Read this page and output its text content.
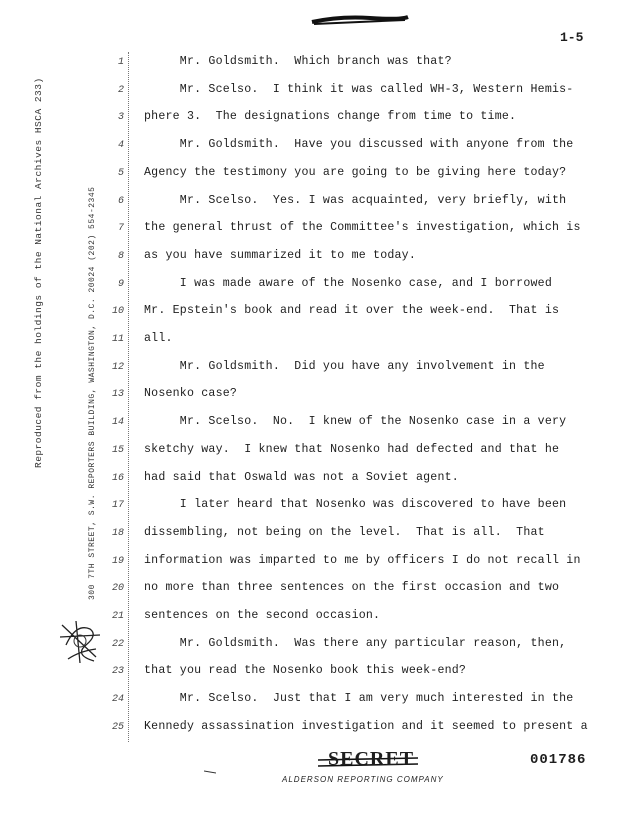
1-5
Reproduced from the holdings of the National Archives HSCA 233)	300 7TH STREET, S.W. REPORTERS BUILDING, WASHINGTON, D.C. 20024 (202) 554-2345
1 Mr. Goldsmith.  Which branch was that?
2 Mr. Scelso.  I think it was called WH-3, Western Hemis-
3 phere 3.  The designations change from time to time.
4 Mr. Goldsmith.  Have you discussed with anyone from the
5 Agency the testimony you are going to be giving here today?
6 Mr. Scelso.  Yes. I was acquainted, very briefly, with
7 the general thrust of the Committee's investigation, which is
8 as you have summarized it to me today.
9 I was made aware of the Nosenko case, and I borrowed
10 Mr. Epstein's book and read it over the week-end.  That is
11 all.
12 Mr. Goldsmith.  Did you have any involvement in the
13 Nosenko case?
14 Mr. Scelso.  No.  I knew of the Nosenko case in a very
15 sketchy way.  I knew that Nosenko had defected and that he
16 had said that Oswald was not a Soviet agent.
17 I later heard that Nosenko was discovered to have been
18 dissembling, not being on the level.  That is all.  That
19 information was imparted to me by officers I do not recall in
20 no more than three sentences on the first occasion and two
21 sentences on the second occasion.
22 Mr. Goldsmith.  Was there any particular reason, then,
23 that you read the Nosenko book this week-end?
24 Mr. Scelso.  Just that I am very much interested in the
25 Kennedy assassination investigation and it seemed to present a
SECRET	001786
ALDERSON REPORTING COMPANY
